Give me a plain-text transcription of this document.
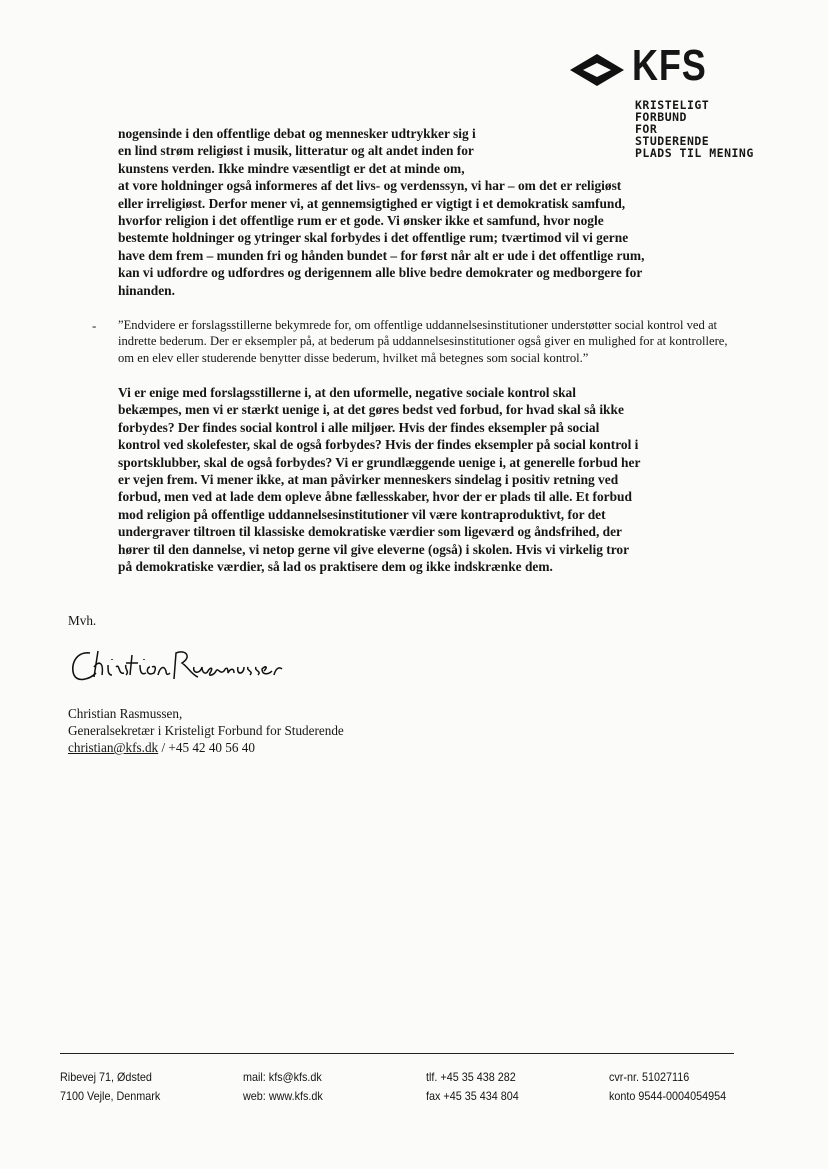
KFS
KRISTELIGT
FORBUND
FOR
STUDERENDE
PLADS TIL MENING
nogensinde i den offentlige debat og mennesker udtrykker sig i
en lind strøm religiøst i musik, litteratur og alt andet inden for
kunstens verden. Ikke mindre væsentligt er det at minde om,
at vore holdninger også informeres af det livs- og verdenssyn, vi har – om det er religiøst
eller irreligiøst. Derfor mener vi, at gennemsigtighed er vigtigt i et demokratisk samfund,
hvorfor religion i det offentlige rum er et gode. Vi ønsker ikke et samfund, hvor nogle
bestemte holdninger og ytringer skal forbydes i det offentlige rum; tværtimod vil vi gerne
have dem frem – munden fri og hånden bundet – for først når alt er ude i det offentlige rum,
kan vi udfordre og udfordres og derigennem alle blive bedre demokrater og medborgere for
hinanden.
- ”Endvidere er forslagsstillerne bekymrede for, om offentlige uddannelsesinstitutioner understøtter social kontrol ved at indrette bederum. Der er eksempler på, at bederum på uddannelsesinstitutioner også giver en mulighed for at kontrollere, om en elev eller studerende benytter disse bederum, hvilket må betegnes som social kontrol.”
Vi er enige med forslagsstillerne i, at den uformelle, negative sociale kontrol skal
bekæmpes, men vi er stærkt uenige i, at det gøres bedst ved forbud, for hvad skal så ikke
forbydes? Der findes social kontrol i alle miljøer. Hvis der findes eksempler på social
kontrol ved skolefester, skal de også forbydes? Hvis der findes eksempler på social kontrol i
sportsklubber, skal de også forbydes? Vi er grundlæggende uenige i, at generelle forbud her
er vejen frem. Vi mener ikke, at man påvirker menneskers sindelag i positiv retning ved
forbud, men ved at lade dem opleve åbne fællesskaber, hvor der er plads til alle. Et forbud
mod religion på offentlige uddannelsesinstitutioner vil være kontraproduktivt, for det
undergraver tiltroen til klassiske demokratiske værdier som ligeværd og åndsfrihed, der
hører til den dannelse, vi netop gerne vil give eleverne (også) i skolen. Hvis vi virkelig tror
på demokratiske værdier, så lad os praktisere dem og ikke indskrænke dem.
Mvh.
Christian Rasmussen,
Generalsekretær i Kristeligt Forbund for Studerende
christian@kfs.dk / +45 42 40 56 40
Ribevej 71, Ødsted
7100 Vejle, Denmark
mail: kfs@kfs.dk
web: www.kfs.dk
tlf. +45 35 438 282
fax +45 35 434 804
cvr-nr. 51027116
konto 9544-0004054954
